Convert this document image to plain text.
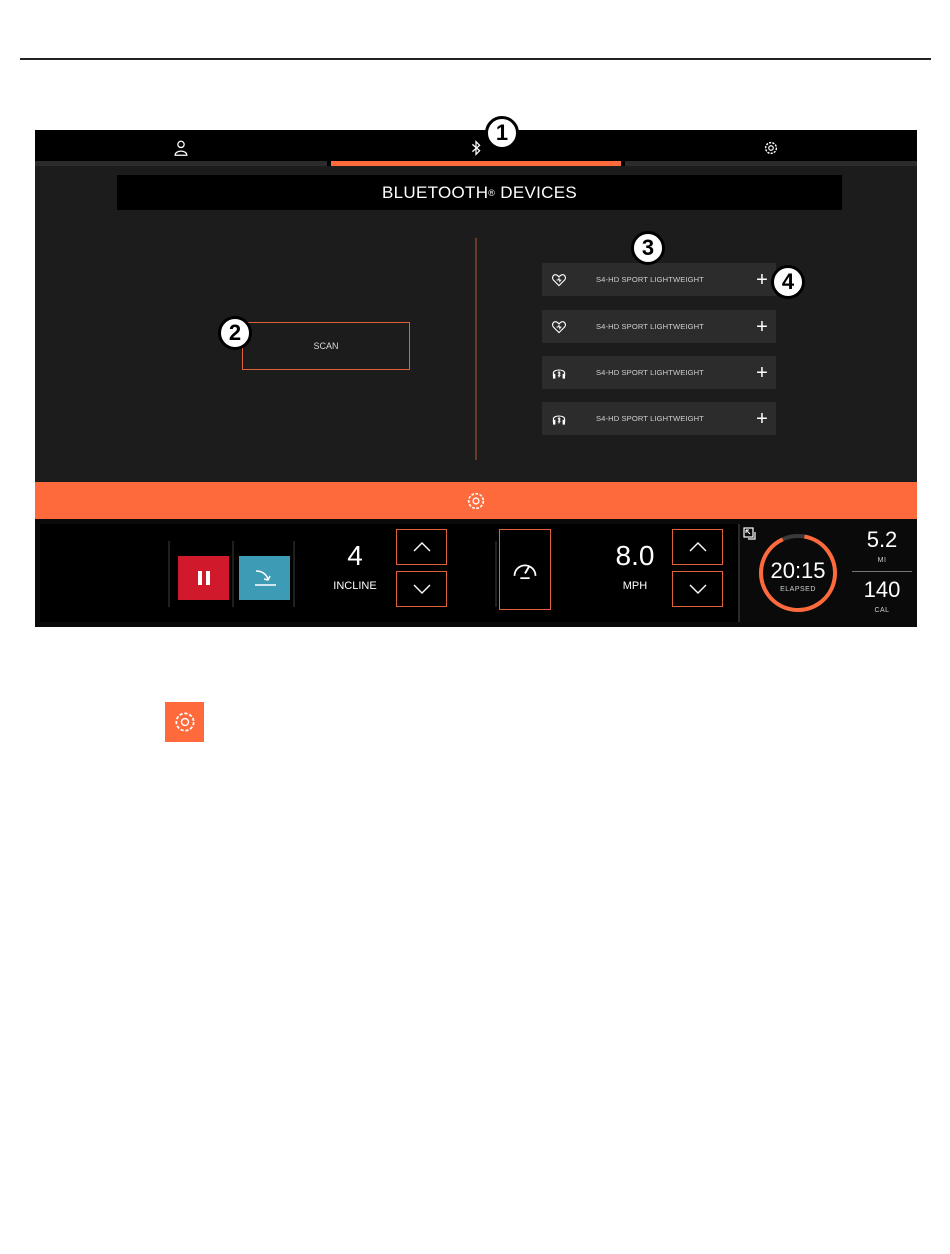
BLUETOOTH ® DEVICES
SCAN
S4-HD SPORT LIGHTWEIGHT	+
S4-HD SPORT LIGHTWEIGHT	+
S4-HD SPORT LIGHTWEIGHT	+
S4-HD SPORT LIGHTWEIGHT	+
4
INCLINE
8.0
MPH
20:15
ELAPSED
5.2
MI
140
CAL
1
2
3
4
